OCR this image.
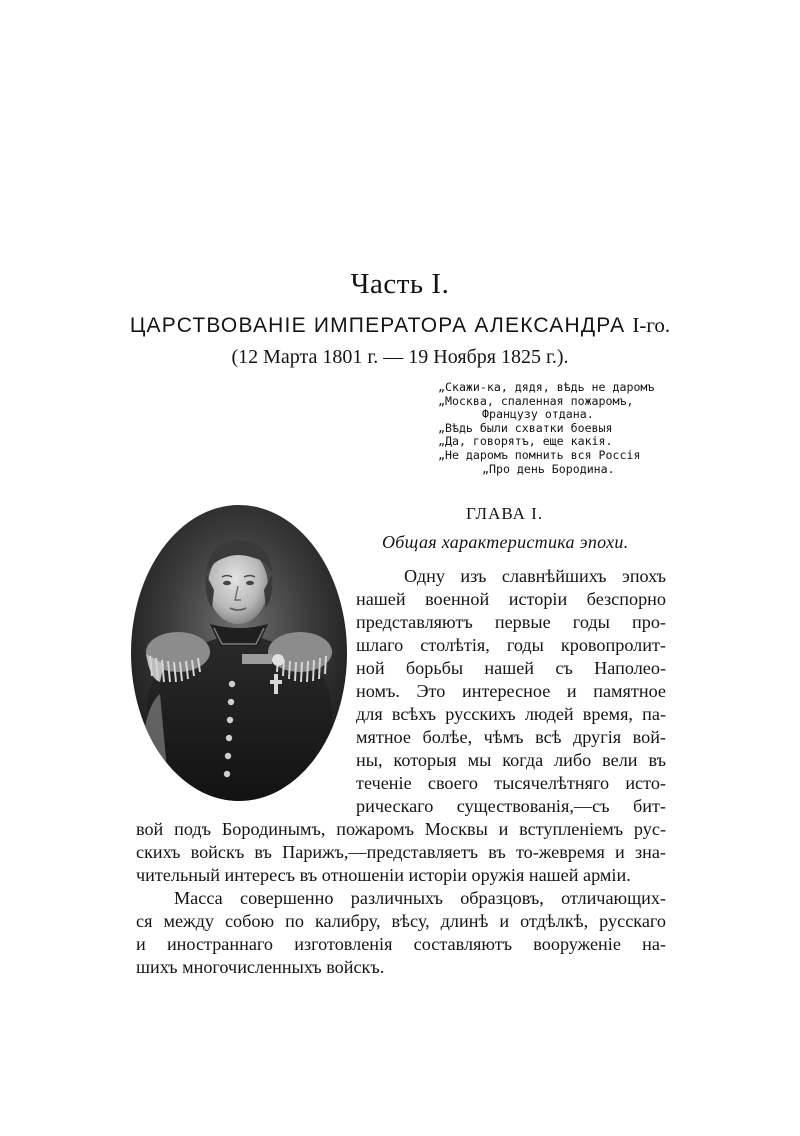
Часть I.
ЦАРСТВОВАНІЕ ИМПЕРАТОРА АЛЕКСАНДРА I-го.
(12 Марта 1801 г. — 19 Ноября 1825 г.).
„Скажи-ка, дядя, вѣдь не даромъ
„Москва, спаленная пожаромъ,
Французу отдана.
„Вѣдь были схватки боевыя
„Да, говорятъ, еще какія.
„Не даромъ помнить вся Россія
„Про день Бородина.
ГЛАВА I.
Общая характеристика эпохи.
Одну изъ славнѣйшихъ эпохъ
нашей военной исторіи безспорно
представляютъ первые годы про-
шлаго столѣтія, годы кровопролит-
ной борьбы нашей съ Наполео-
номъ. Это интересное и памятное
для всѣхъ русскихъ людей время, па-
мятное болѣе, чѣмъ всѣ другія вой-
ны, которыя мы когда либо вели въ
теченіе своего тысячелѣтняго исто-
рическаго существованія,—съ бит-
вой подъ Бородинымъ, пожаромъ Москвы и вступленіемъ рус-
скихъ войскъ въ Парижъ,—представляетъ въ то-жевремя и зна-
чительный интересъ въ отношеніи исторіи оружія нашей арміи.
Масса совершенно различныхъ образцовъ, отличающих-
ся между собою по калибру, вѣсу, длинѣ и отдѣлкѣ, русскаго
и иностраннаго изготовленія составляютъ вооруженіе на-
шихъ многочисленныхъ войскъ.
